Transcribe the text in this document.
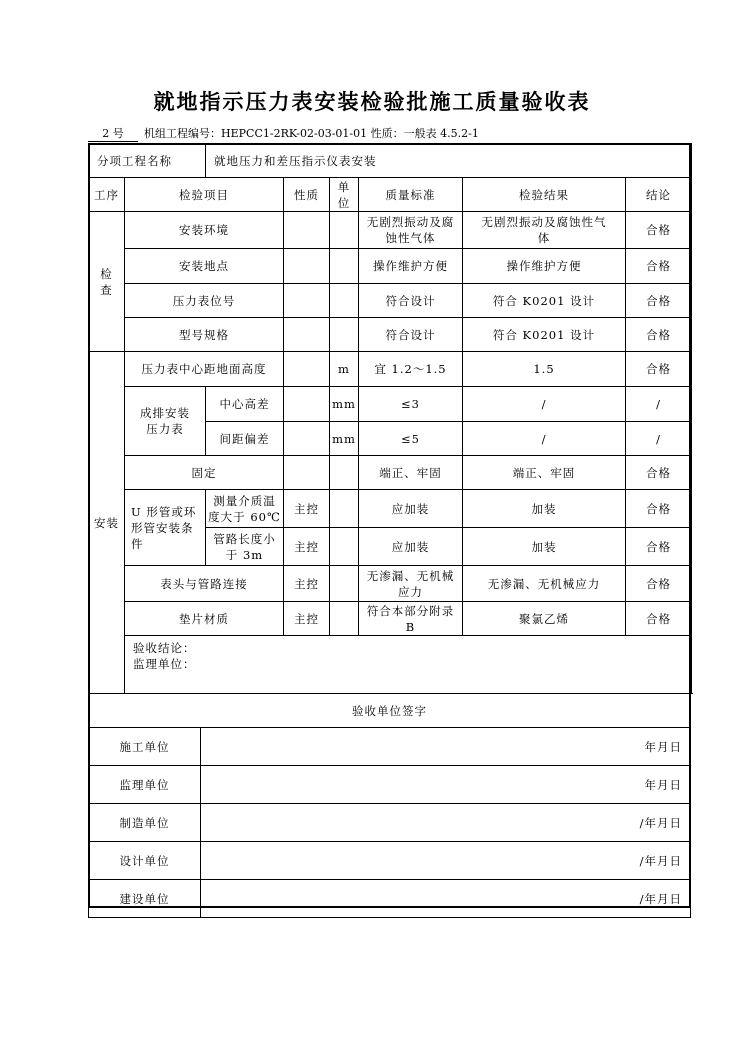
就地指示压力表安装检验批施工质量验收表
2 号 机组工程编号：HEPCC1-2RK-02-03-01-01 性质：一般表 4.5.2-1
分项工程名称		就地压力和差压指示仪表安装					
工序	检验项目		性质	单位	质量标准	检验结果	结论
检
查	安装环境				无剧烈振动及腐蚀性气体	无剧烈振动及腐蚀性气体	合格
	安装地点				操作维护方便	操作维护方便	合格
	压力表位号				符合设计	符合 K0201 设计	合格
	型号规格				符合设计	符合 K0201 设计	合格
安装	压力表中心距地面高度			m	宜 1.2～1.5	1.5	合格
	成排安装压力表	中心高差		mm	≤3	/	/
		间距偏差		mm	≤5	/	/
	固定				端正、牢固	端正、牢固	合格
	U 形管或环形管安装条件	测量介质温度大于 60℃	主控		应加装	加装	合格
		管路长度小于 3m	主控		应加装	加装	合格
	表头与管路连接		主控		无渗漏、无机械应力	无渗漏、无机械应力	合格
	垫片材质		主控		符合本部分附录 B	聚氯乙烯	合格

	验收结论：
监理单位：						
验收单位签字
施工单位	年月日
监理单位	年月日
制造单位	/年月日
设计单位	/年月日
建设单位	/年月日
